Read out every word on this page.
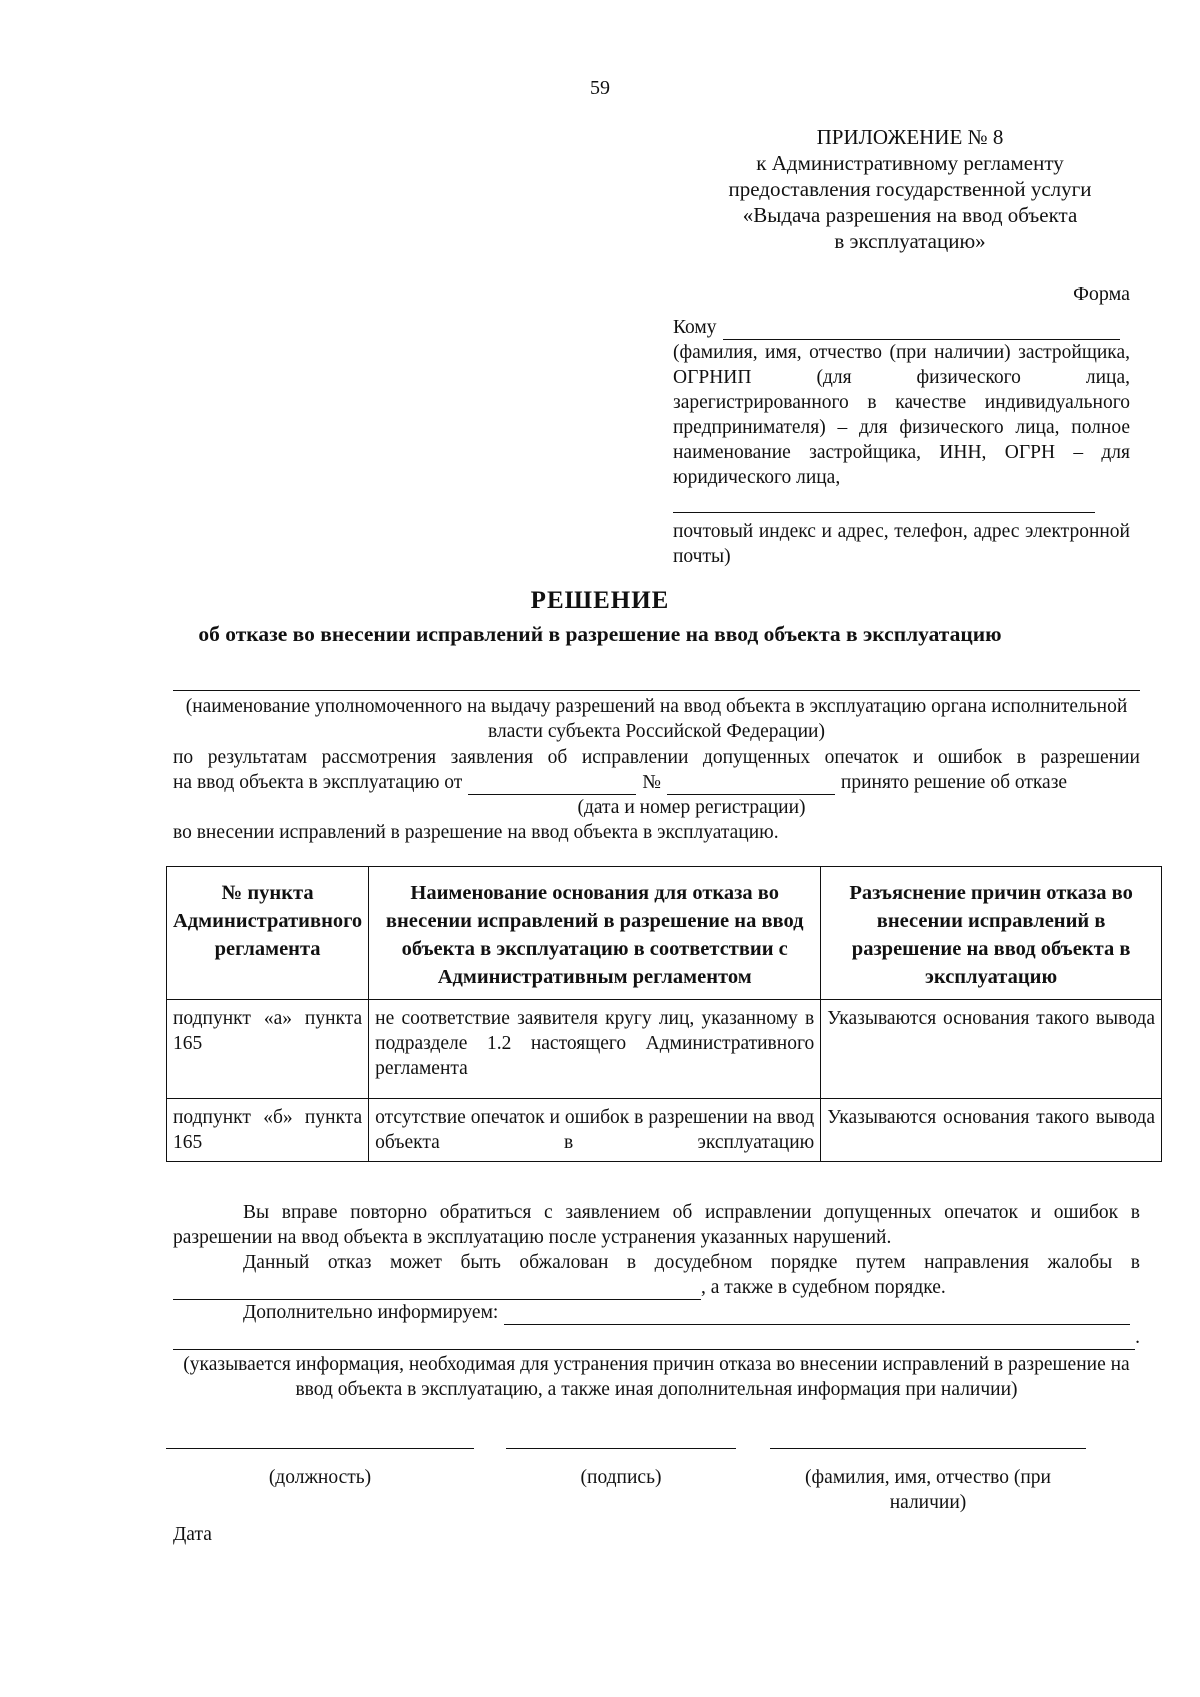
59
ПРИЛОЖЕНИЕ № 8
к Административному регламенту
предоставления государственной услуги
«Выдача разрешения на ввод объекта
в эксплуатацию»
Форма
Кому
(фамилия, имя, отчество (при наличии) застройщика, ОГРНИП (для физического лица, зарегистрированного в качестве индивидуального предпринимателя) – для физического лица, полное наименование застройщика, ИНН, ОГРН – для юридического лица,
почтовый индекс и адрес, телефон, адрес электронной почты)
РЕШЕНИЕ
об отказе во внесении исправлений в разрешение на ввод объекта в эксплуатацию
(наименование уполномоченного на выдачу разрешений на ввод объекта в эксплуатацию органа исполнительной власти субъекта Российской Федерации)
по результатам рассмотрения заявления об исправлении допущенных опечаток и ошибок в разрешении
на ввод объекта в эксплуатацию от	№	принято решение об отказе
(дата и номер регистрации)
во внесении исправлений в разрешение на ввод объекта в эксплуатацию.
№ пункта Административного регламента	Наименование основания для отказа во внесении исправлений в разрешение на ввод объекта в эксплуатацию в соответствии с Административным регламентом	Разъяснение причин отказа во внесении исправлений в разрешение на ввод объекта в эксплуатацию
подпункт «а» пункта 165	не соответствие заявителя кругу лиц, указанному в подразделе 1.2 настоящего Административного регламента	Указываются основания такого вывода
подпункт «б» пункта 165	отсутствие опечаток и ошибок в разрешении на ввод объекта в эксплуатацию	Указываются основания такого вывода
Вы вправе повторно обратиться с заявлением об исправлении допущенных опечаток и ошибок в разрешении на ввод объекта в эксплуатацию после устранения указанных нарушений.
Данный отказ может быть обжалован в досудебном порядке путем направления жалобы в
, а также в судебном порядке.
Дополнительно информируем:
.
(указывается информация, необходимая для устранения причин отказа во внесении исправлений в разрешение на ввод объекта в эксплуатацию, а также иная дополнительная информация при наличии)
(должность)	(подпись)	(фамилия, имя, отчество (при наличии)
Дата
